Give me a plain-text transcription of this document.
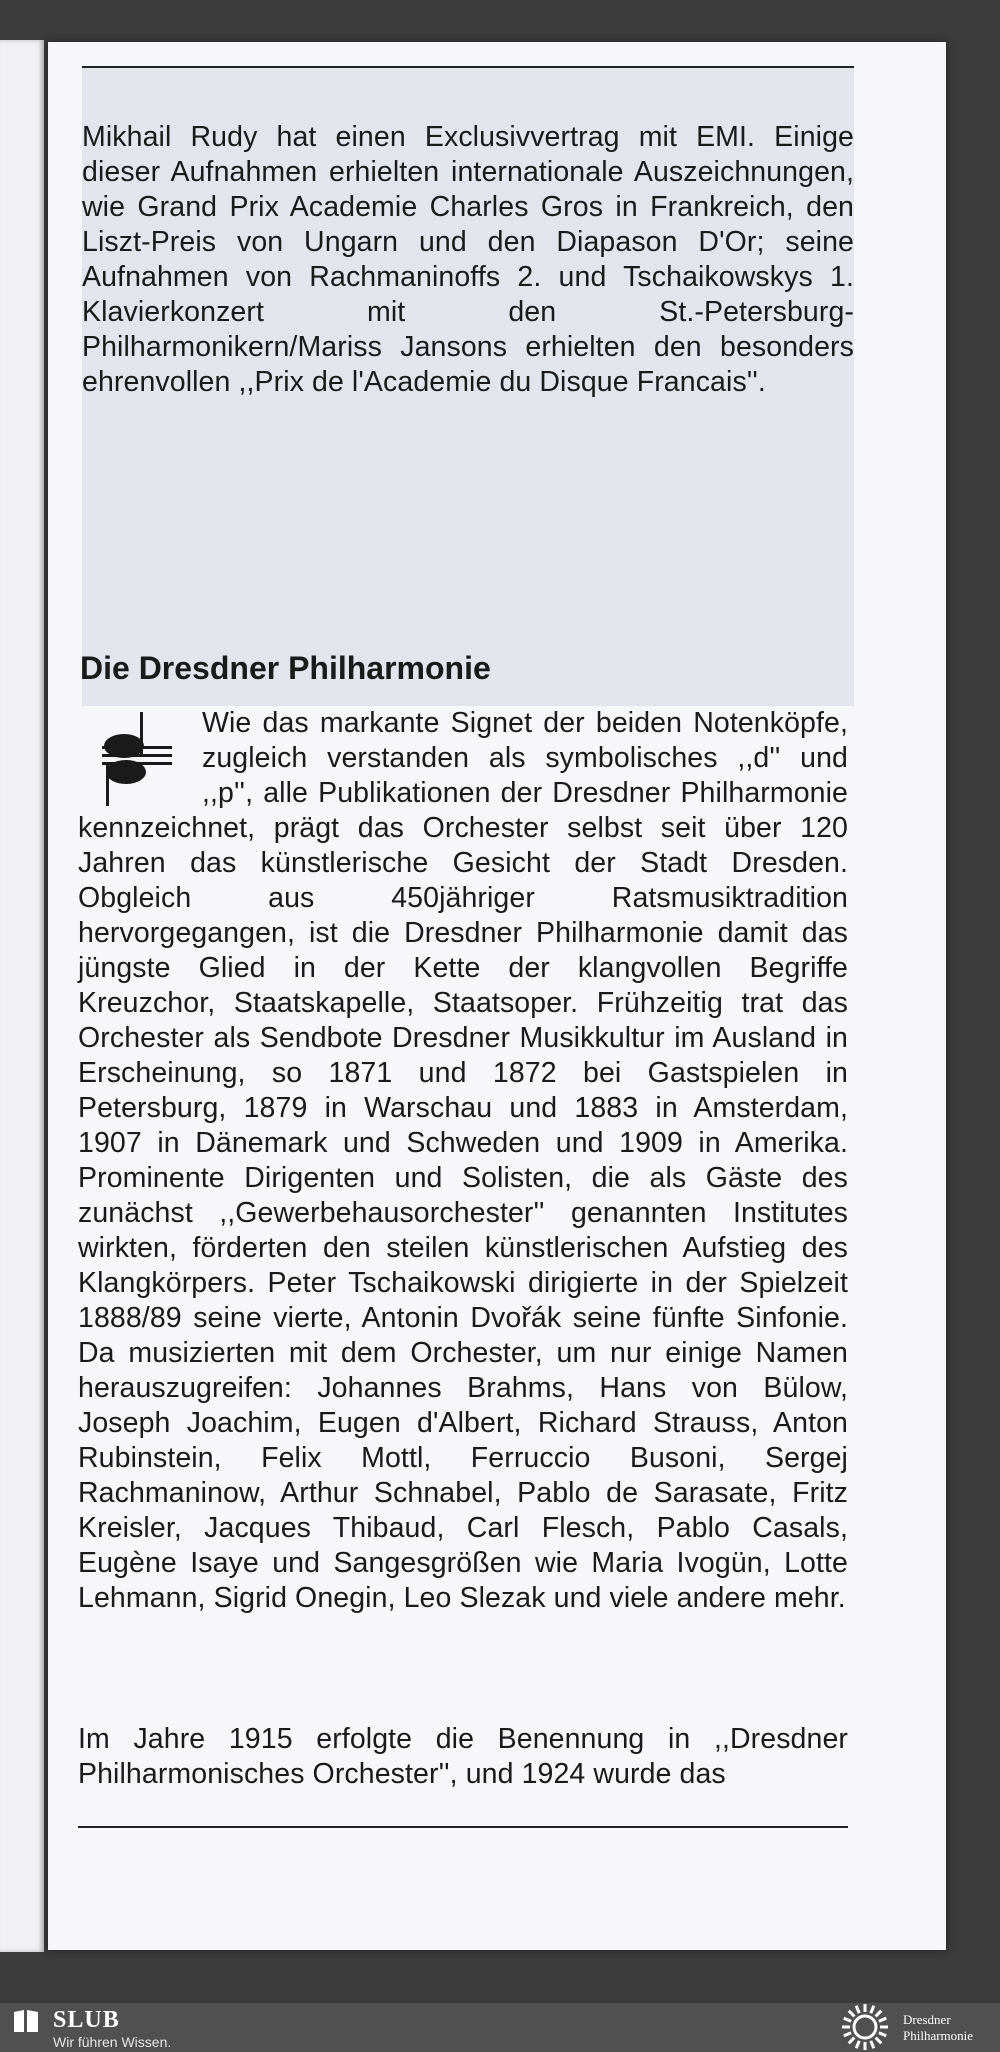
Mikhail Rudy hat einen Exclusivvertrag mit EMI. Einige dieser Aufnahmen erhielten internationale Auszeichnungen, wie Grand Prix Academie Charles Gros in Frankreich, den Liszt-Preis von Ungarn und den Diapason D'Or; seine Aufnahmen von Rachmaninoffs 2. und Tschaikowskys 1. Klavierkonzert mit den St.-Petersburg-Philharmonikern/Mariss Jansons erhielten den besonders ehrenvollen ,,Prix de l'Academie du Disque Francais''.

Die Dresdner Philharmonie
Wie das markante Signet der beiden Notenköpfe, zugleich verstanden als symbolisches ,,d'' und ,,p'', alle Publikationen der Dresdner Philharmonie kennzeichnet, prägt das Orchester selbst seit über 120 Jahren das künstlerische Gesicht der Stadt Dresden. Obgleich aus 450jähriger Ratsmusiktradition hervorgegangen, ist die Dresdner Philharmonie damit das jüngste Glied in der Kette der klangvollen Begriffe Kreuzchor, Staatskapelle, Staatsoper. Frühzeitig trat das Orchester als Sendbote Dresdner Musikkultur im Ausland in Erscheinung, so 1871 und 1872 bei Gastspielen in Petersburg, 1879 in Warschau und 1883 in Amsterdam, 1907 in Dänemark und Schweden und 1909 in Amerika. Prominente Dirigenten und Solisten, die als Gäste des zunächst ,,Gewerbehausorchester'' genannten Institutes wirkten, förderten den steilen künstlerischen Aufstieg des Klangkörpers. Peter Tschaikowski dirigierte in der Spielzeit 1888/89 seine vierte, Antonin Dvořák seine fünfte Sinfonie. Da musizierten mit dem Orchester, um nur einige Namen herauszugreifen: Johannes Brahms, Hans von Bülow, Joseph Joachim, Eugen d'Albert, Richard Strauss, Anton Rubinstein, Felix Mottl, Ferruccio Busoni, Sergej Rachmaninow, Arthur Schnabel, Pablo de Sarasate, Fritz Kreisler, Jacques Thibaud, Carl Flesch, Pablo Casals, Eugène Isaye und Sangesgrößen wie Maria Ivogün, Lotte Lehmann, Sigrid Onegin, Leo Slezak und viele andere mehr.

Im Jahre 1915 erfolgte die Benennung in ,,Dresdner Philharmonisches Orchester'', und 1924 wurde das

SLUB
Wir führen Wissen.
Dresdner
Philharmonie
